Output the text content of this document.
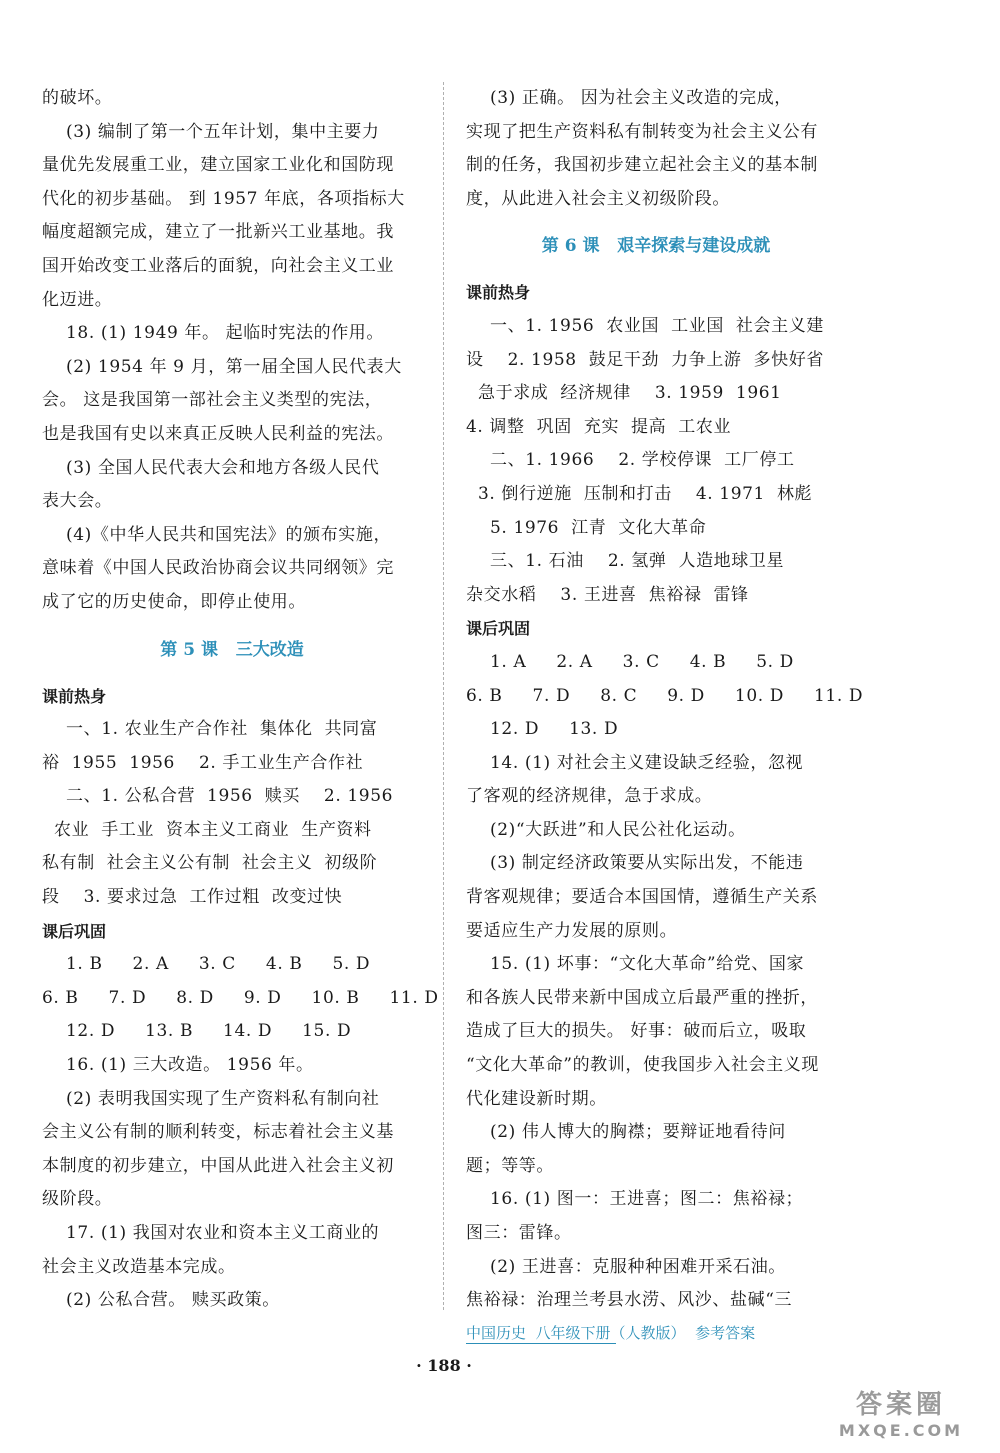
的破坏。
(3) 编制了第一个五年计划，集中主要力
量优先发展重工业，建立国家工业化和国防现
代化的初步基础。 到 1957 年底，各项指标大
幅度超额完成，建立了一批新兴工业基地。我
国开始改变工业落后的面貌，向社会主义工业
化迈进。
18. (1) 1949 年。 起临时宪法的作用。
(2) 1954 年 9 月，第一届全国人民代表大
会。 这是我国第一部社会主义类型的宪法，
也是我国有史以来真正反映人民利益的宪法。
(3) 全国人民代表大会和地方各级人民代
表大会。
(4)《中华人民共和国宪法》的颁布实施，
意味着《中国人民政治协商会议共同纲领》完
成了它的历史使命，即停止使用。
第 5 课   三大改造
课前热身
一、1. 农业生产合作社  集体化  共同富
裕  1955  1956    2. 手工业生产合作社
二、1. 公私合营  1956  赎买    2. 1956
农业  手工业  资本主义工商业  生产资料
私有制  社会主义公有制  社会主义  初级阶
段    3. 要求过急  工作过粗  改变过快
课后巩固
1. B     2. A     3. C     4. B     5. D
6. B     7. D     8. D     9. D     10. B     11. D
12. D     13. B     14. D     15. D
16. (1) 三大改造。 1956 年。
(2) 表明我国实现了生产资料私有制向社
会主义公有制的顺利转变，标志着社会主义基
本制度的初步建立，中国从此进入社会主义初
级阶段。
17. (1) 我国对农业和资本主义工商业的
社会主义改造基本完成。
(2) 公私合营。 赎买政策。
(3) 正确。 因为社会主义改造的完成，
实现了把生产资料私有制转变为社会主义公有
制的任务，我国初步建立起社会主义的基本制
度，从此进入社会主义初级阶段。
第 6 课   艰辛探索与建设成就
课前热身
一、1. 1956  农业国  工业国  社会主义建
设    2. 1958  鼓足干劲  力争上游  多快好省
急于求成  经济规律    3. 1959  1961
4. 调整  巩固  充实  提高  工农业
二、1. 1966    2. 学校停课  工厂停工
3. 倒行逆施  压制和打击    4. 1971  林彪
5. 1976  江青  文化大革命
三、1. 石油    2. 氢弹  人造地球卫星
杂交水稻    3. 王进喜  焦裕禄  雷锋
课后巩固
1. A     2. A     3. C     4. B     5. D
6. B     7. D     8. C     9. D     10. D     11. D
12. D     13. D
14. (1) 对社会主义建设缺乏经验，忽视
了客观的经济规律，急于求成。
(2)“大跃进”和人民公社化运动。
(3) 制定经济政策要从实际出发，不能违
背客观规律；要适合本国国情，遵循生产关系
要适应生产力发展的原则。
15. (1) 坏事：“文化大革命”给党、国家
和各族人民带来新中国成立后最严重的挫折，
造成了巨大的损失。 好事：破而后立，吸取
“文化大革命”的教训，使我国步入社会主义现
代化建设新时期。
(2) 伟人博大的胸襟；要辩证地看待问
题；等等。
16. (1) 图一：王进喜；图二：焦裕禄；
图三：雷锋。
(2) 王进喜：克服种种困难开采石油。
焦裕禄：治理兰考县水涝、风沙、盐碱“三
中国历史  八年级下册（人教版）  参考答案
· 188 ·
答案圈
MXQE.COM
